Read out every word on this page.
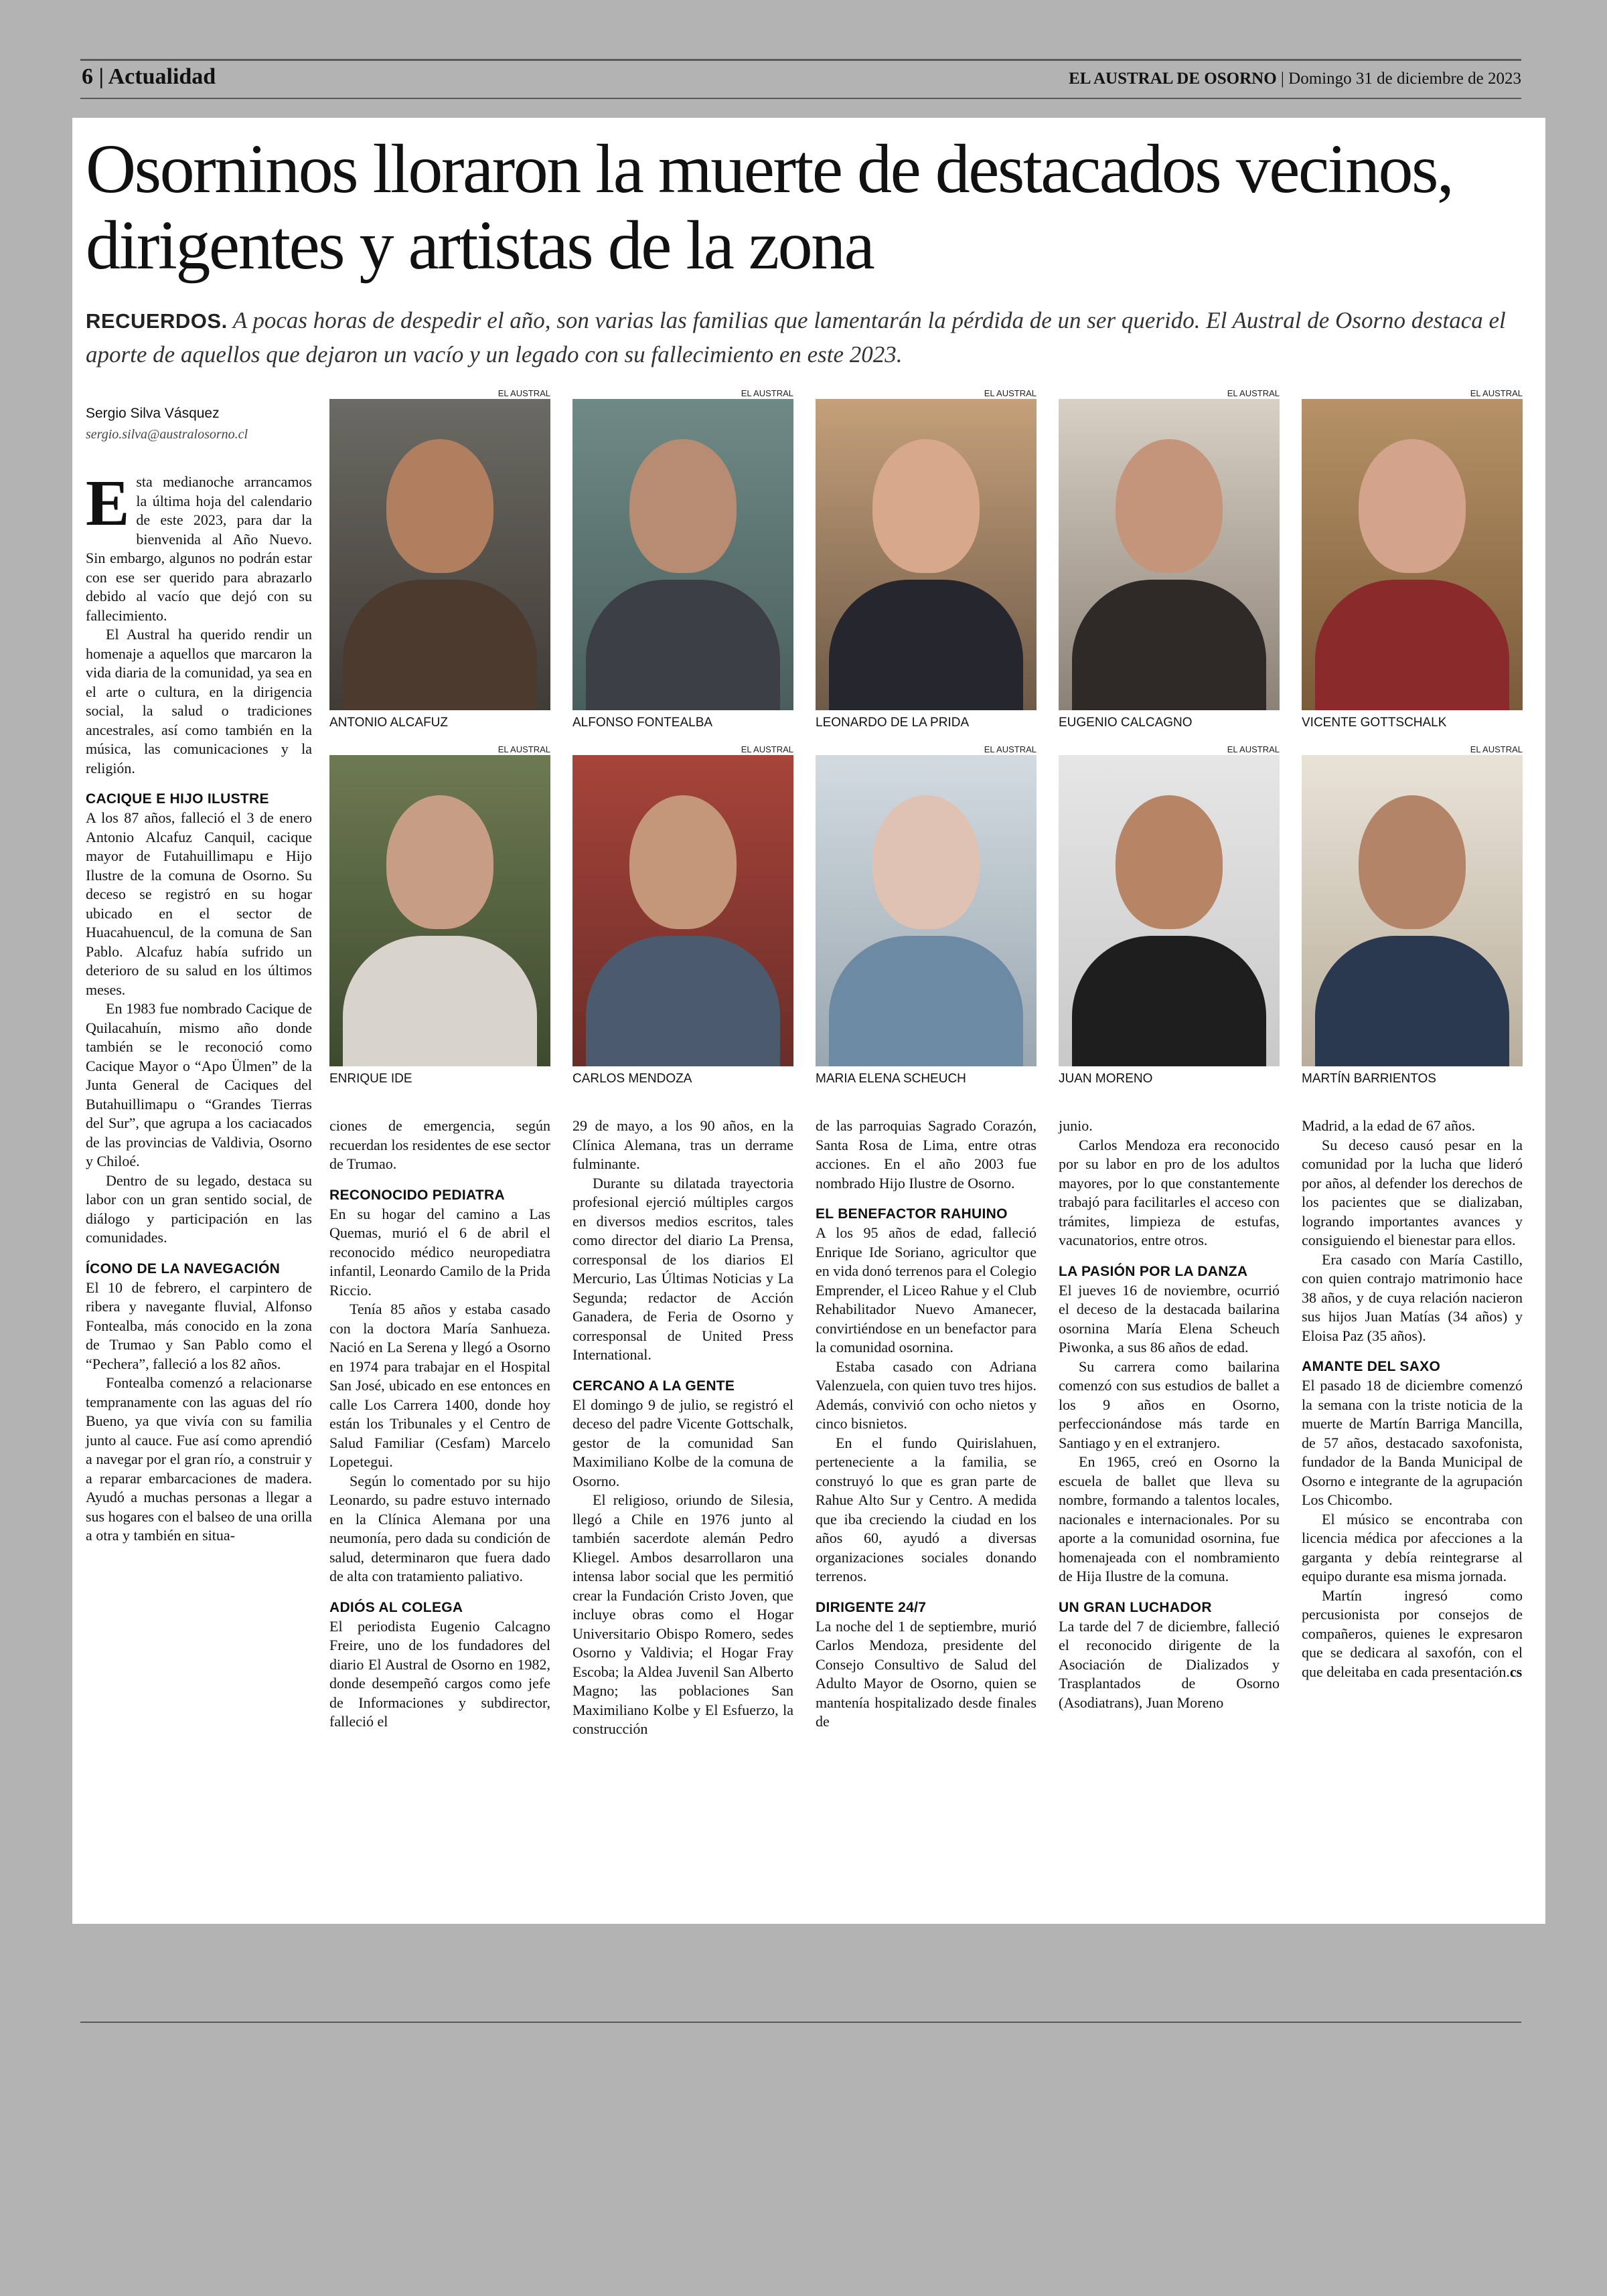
6 | Actualidad	EL AUSTRAL DE OSORNO | Domingo 31 de diciembre de 2023
Osorninos lloraron la muerte de destacados vecinos, dirigentes y artistas de la zona

RECUERDOS. A pocas horas de despedir el año, son varias las familias que lamentarán la pérdida de un ser querido. El Austral de Osorno destaca el aporte de aquellos que dejaron un vacío y un legado con su fallecimiento en este 2023.

Sergio Silva Vásquez
sergio.silva@australosorno.cl
EL AUSTRAL
ANTONIO ALCAFUZ
EL AUSTRAL
ALFONSO FONTEALBA
EL AUSTRAL
LEONARDO DE LA PRIDA
EL AUSTRAL
EUGENIO CALCAGNO
EL AUSTRAL
VICENTE GOTTSCHALK
EL AUSTRAL
ENRIQUE IDE
EL AUSTRAL
CARLOS MENDOZA
EL AUSTRAL
MARIA ELENA SCHEUCH
EL AUSTRAL
JUAN MORENO
EL AUSTRAL
MARTÍN BARRIENTOS

Esta medianoche arrancamos la última hoja del calendario de este 2023, para dar la bienvenida al Año Nuevo. Sin embargo, algunos no podrán estar con ese ser querido para abrazarlo debido al vacío que dejó con su fallecimiento.

El Austral ha querido rendir un homenaje a aquellos que marcaron la vida diaria de la comunidad, ya sea en el arte o cultura, en la dirigencia social, la salud o tradiciones ancestrales, así como también en la música, las comunicaciones y la religión.

CACIQUE E HIJO ILUSTRE

A los 87 años, falleció el 3 de enero Antonio Alcafuz Canquil, cacique mayor de Futahuillimapu e Hijo Ilustre de la comuna de Osorno. Su deceso se registró en su hogar ubicado en el sector de Huacahuencul, de la comuna de San Pablo. Alcafuz había sufrido un deterioro de su salud en los últimos meses.

En 1983 fue nombrado Cacique de Quilacahuín, mismo año donde también se le reconoció como Cacique Mayor o “Apo Ülmen” de la Junta General de Caciques del Butahuillimapu o “Grandes Tierras del Sur”, que agrupa a los caciacados de las provincias de Valdivia, Osorno y Chiloé.

Dentro de su legado, destaca su labor con un gran sentido social, de diálogo y participación en las comunidades.

ÍCONO DE LA NAVEGACIÓN

El 10 de febrero, el carpintero de ribera y navegante fluvial, Alfonso Fontealba, más conocido en la zona de Trumao y San Pablo como el “Pechera”, falleció a los 82 años.

Fontealba comenzó a relacionarse tempranamente con las aguas del río Bueno, ya que vivía con su familia junto al cauce. Fue así como aprendió a navegar por el gran río, a construir y a reparar embarcaciones de madera. Ayudó a muchas personas a llegar a sus hogares con el balseo de una orilla a otra y también en situa-

ciones de emergencia, según recuerdan los residentes de ese sector de Trumao.

RECONOCIDO PEDIATRA

En su hogar del camino a Las Quemas, murió el 6 de abril el reconocido médico neuropediatra infantil, Leonardo Camilo de la Prida Riccio.

Tenía 85 años y estaba casado con la doctora María Sanhueza. Nació en La Serena y llegó a Osorno en 1974 para trabajar en el Hospital San José, ubicado en ese entonces en calle Los Carrera 1400, donde hoy están los Tribunales y el Centro de Salud Familiar (Cesfam) Marcelo Lopetegui.

Según lo comentado por su hijo Leonardo, su padre estuvo internado en la Clínica Alemana por una neumonía, pero dada su condición de salud, determinaron que fuera dado de alta con tratamiento paliativo.

ADIÓS AL COLEGA

El periodista Eugenio Calcagno Freire, uno de los fundadores del diario El Austral de Osorno en 1982, donde desempeñó cargos como jefe de Informaciones y subdirector, falleció el

29 de mayo, a los 90 años, en la Clínica Alemana, tras un derrame fulminante.

Durante su dilatada trayectoria profesional ejerció múltiples cargos en diversos medios escritos, tales como director del diario La Prensa, corresponsal de los diarios El Mercurio, Las Últimas Noticias y La Segunda; redactor de Acción Ganadera, de Feria de Osorno y corresponsal de United Press International.

CERCANO A LA GENTE

El domingo 9 de julio, se registró el deceso del padre Vicente Gottschalk, gestor de la comunidad San Maximiliano Kolbe de la comuna de Osorno.

El religioso, oriundo de Silesia, llegó a Chile en 1976 junto al también sacerdote alemán Pedro Kliegel. Ambos desarrollaron una intensa labor social que les permitió crear la Fundación Cristo Joven, que incluye obras como el Hogar Universitario Obispo Romero, sedes Osorno y Valdivia; el Hogar Fray Escoba; la Aldea Juvenil San Alberto Magno; las poblaciones San Maximiliano Kolbe y El Esfuerzo, la construcción

de las parroquias Sagrado Corazón, Santa Rosa de Lima, entre otras acciones. En el año 2003 fue nombrado Hijo Ilustre de Osorno.

EL BENEFACTOR RAHUINO

A los 95 años de edad, falleció Enrique Ide Soriano, agricultor que en vida donó terrenos para el Colegio Emprender, el Liceo Rahue y el Club Rehabilitador Nuevo Amanecer, convirtiéndose en un benefactor para la comunidad osornina.

Estaba casado con Adriana Valenzuela, con quien tuvo tres hijos. Además, convivió con ocho nietos y cinco bisnietos.

En el fundo Quirislahuen, perteneciente a la familia, se construyó lo que es gran parte de Rahue Alto Sur y Centro. A medida que iba creciendo la ciudad en los años 60, ayudó a diversas organizaciones sociales donando terrenos.

DIRIGENTE 24/7

La noche del 1 de septiembre, murió Carlos Mendoza, presidente del Consejo Consultivo de Salud del Adulto Mayor de Osorno, quien se mantenía hospitalizado desde finales de

junio.

Carlos Mendoza era reconocido por su labor en pro de los adultos mayores, por lo que constantemente trabajó para facilitarles el acceso con trámites, limpieza de estufas, vacunatorios, entre otros.

LA PASIÓN POR LA DANZA

El jueves 16 de noviembre, ocurrió el deceso de la destacada bailarina osornina María Elena Scheuch Piwonka, a sus 86 años de edad.

Su carrera como bailarina comenzó con sus estudios de ballet a los 9 años en Osorno, perfeccionándose más tarde en Santiago y en el extranjero.

En 1965, creó en Osorno la escuela de ballet que lleva su nombre, formando a talentos locales, nacionales e internacionales. Por su aporte a la comunidad osornina, fue homenajeada con el nombramiento de Hija Ilustre de la comuna.

UN GRAN LUCHADOR

La tarde del 7 de diciembre, falleció el reconocido dirigente de la Asociación de Dializados y Trasplantados de Osorno (Asodiatrans), Juan Moreno

Madrid, a la edad de 67 años.

Su deceso causó pesar en la comunidad por la lucha que lideró por años, al defender los derechos de los pacientes que se dializaban, logrando importantes avances y consiguiendo el bienestar para ellos.

Era casado con María Castillo, con quien contrajo matrimonio hace 38 años, y de cuya relación nacieron sus hijos Juan Matías (34 años) y Eloisa Paz (35 años).

AMANTE DEL SAXO

El pasado 18 de diciembre comenzó la semana con la triste noticia de la muerte de Martín Barriga Mancilla, de 57 años, destacado saxofonista, fundador de la Banda Municipal de Osorno e integrante de la agrupación Los Chicombo.

El músico se encontraba con licencia médica por afecciones a la garganta y debía reintegrarse al equipo durante esa misma jornada.

Martín ingresó como percusionista por consejos de compañeros, quienes le expresaron que se dedicara al saxofón, con el que deleitaba en cada presentación.cs
